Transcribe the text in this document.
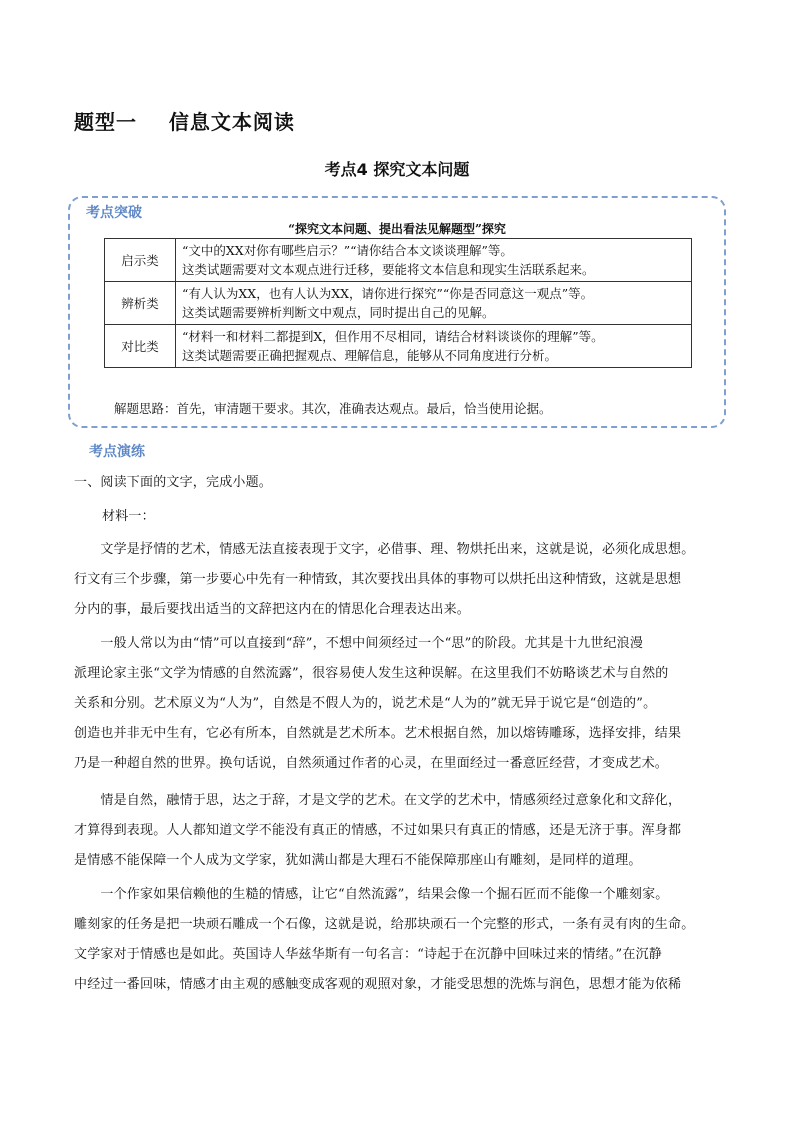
题型一    信息文本阅读
考点4 探究文本问题
考点突破
“探究文本问题、提出看法见解题型”探究
启示类	“文中的XX对你有哪些启示？”“请你结合本文谈谈理解”等。
这类试题需要对文本观点进行迁移，要能将文本信息和现实生活联系起来。

辨析类	“有人认为XX，也有人认为XX，请你进行探究”“你是否同意这一观点”等。
这类试题需要辨析判断文中观点，同时提出自己的见解。

对比类	“材料一和材料二都提到X，但作用不尽相同，请结合材料谈谈你的理解”等。
这类试题需要正确把握观点、理解信息，能够从不同角度进行分析。
解题思路：首先，审清题干要求。其次，准确表达观点。最后，恰当使用论据。
考点演练
一、阅读下面的文字，完成小题。
材料一：
　　文学是抒情的艺术，情感无法直接表现于文字，必借事、理、物烘托出来，这就是说，必须化成思想。
行文有三个步骤，第一步要心中先有一种情致，其次要找出具体的事物可以烘托出这种情致，这就是思想
分内的事，最后要找出适当的文辞把这内在的情思化合理表达出来。
　　一般人常以为由“情”可以直接到“辞”，不想中间须经过一个“思”的阶段。尤其是十九世纪浪漫
派理论家主张“文学为情感的自然流露”，很容易使人发生这种误解。在这里我们不妨略谈艺术与自然的
关系和分别。艺术原义为“人为”，自然是不假人为的，说艺术是“人为的”就无异于说它是“创造的”。
创造也并非无中生有，它必有所本，自然就是艺术所本。艺术根据自然，加以熔铸雕琢，选择安排，结果
乃是一种超自然的世界。换句话说，自然须通过作者的心灵，在里面经过一番意匠经营，才变成艺术。
　　情是自然，融情于思，达之于辞，才是文学的艺术。在文学的艺术中，情感须经过意象化和文辞化，
才算得到表现。人人都知道文学不能没有真正的情感，不过如果只有真正的情感，还是无济于事。浑身都
是情感不能保障一个人成为文学家，犹如满山都是大理石不能保障那座山有雕刻，是同样的道理。
　　一个作家如果信赖他的生糙的情感，让它“自然流露”，结果会像一个掘石匠而不能像一个雕刻家。
雕刻家的任务是把一块顽石雕成一个石像，这就是说，给那块顽石一个完整的形式，一条有灵有肉的生命。
文学家对于情感也是如此。英国诗人华兹华斯有一句名言：“诗起于在沉静中回味过来的情绪。”在沉静
中经过一番回味，情感才由主观的感触变成客观的观照对象，才能受思想的洗炼与润色，思想才能为依稀
